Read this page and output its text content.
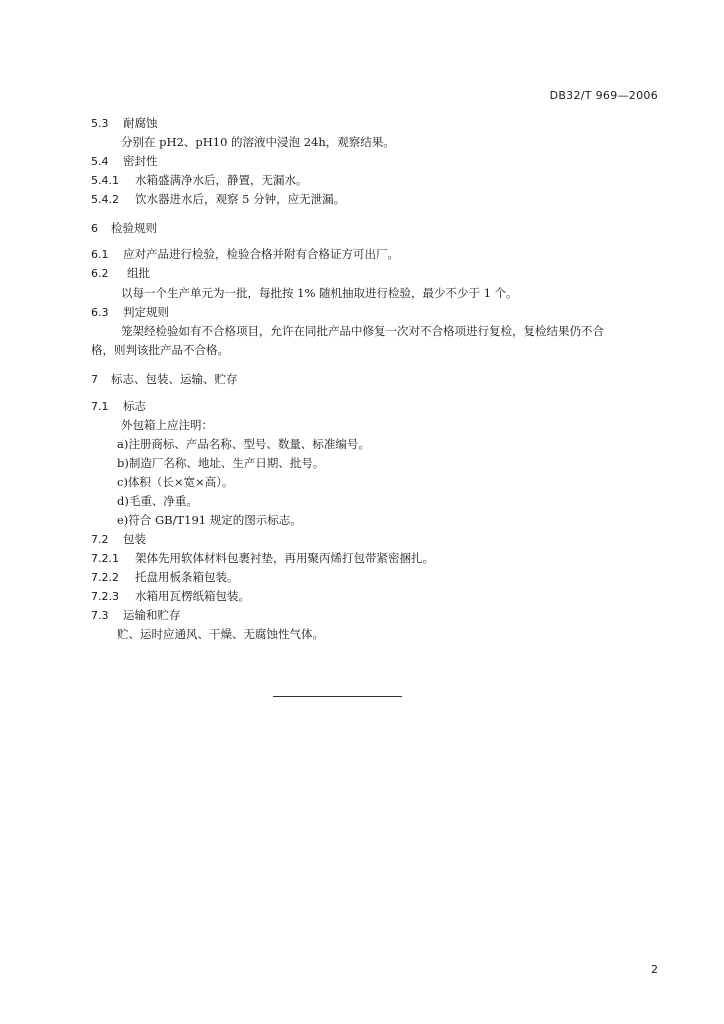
DB32/T 969—2006
5.3 耐腐蚀
分别在 pH2、pH10 的溶液中浸泡 24h，观察结果。
5.4 密封性
5.4.1 水箱盛满净水后，静置，无漏水。
5.4.2 饮水器进水后，观察 5 分钟，应无泄漏。
6 检验规则
6.1 应对产品进行检验，检验合格并附有合格证方可出厂。
6.2 组批
以每一个生产单元为一批，每批按 1% 随机抽取进行检验，最少不少于 1 个。
6.3 判定规则
笼架经检验如有不合格项目，允许在同批产品中修复一次对不合格项进行复检，复检结果仍不合
格，则判该批产品不合格。
7 标志、包装、运输、贮存
7.1 标志
外包箱上应注明：
a)注册商标、产品名称、型号、数量、标准编号。
b)制造厂名称、地址、生产日期、批号。
c)体积（长×宽×高）。
d)毛重、净重。
e)符合 GB/T191 规定的图示标志。
7.2 包装
7.2.1 架体先用软体材料包裹衬垫，再用聚丙烯打包带紧密捆扎。
7.2.2 托盘用板条箱包装。
7.2.3 水箱用瓦楞纸箱包装。
7.3 运输和贮存
贮、运时应通风、干燥、无腐蚀性气体。
2
